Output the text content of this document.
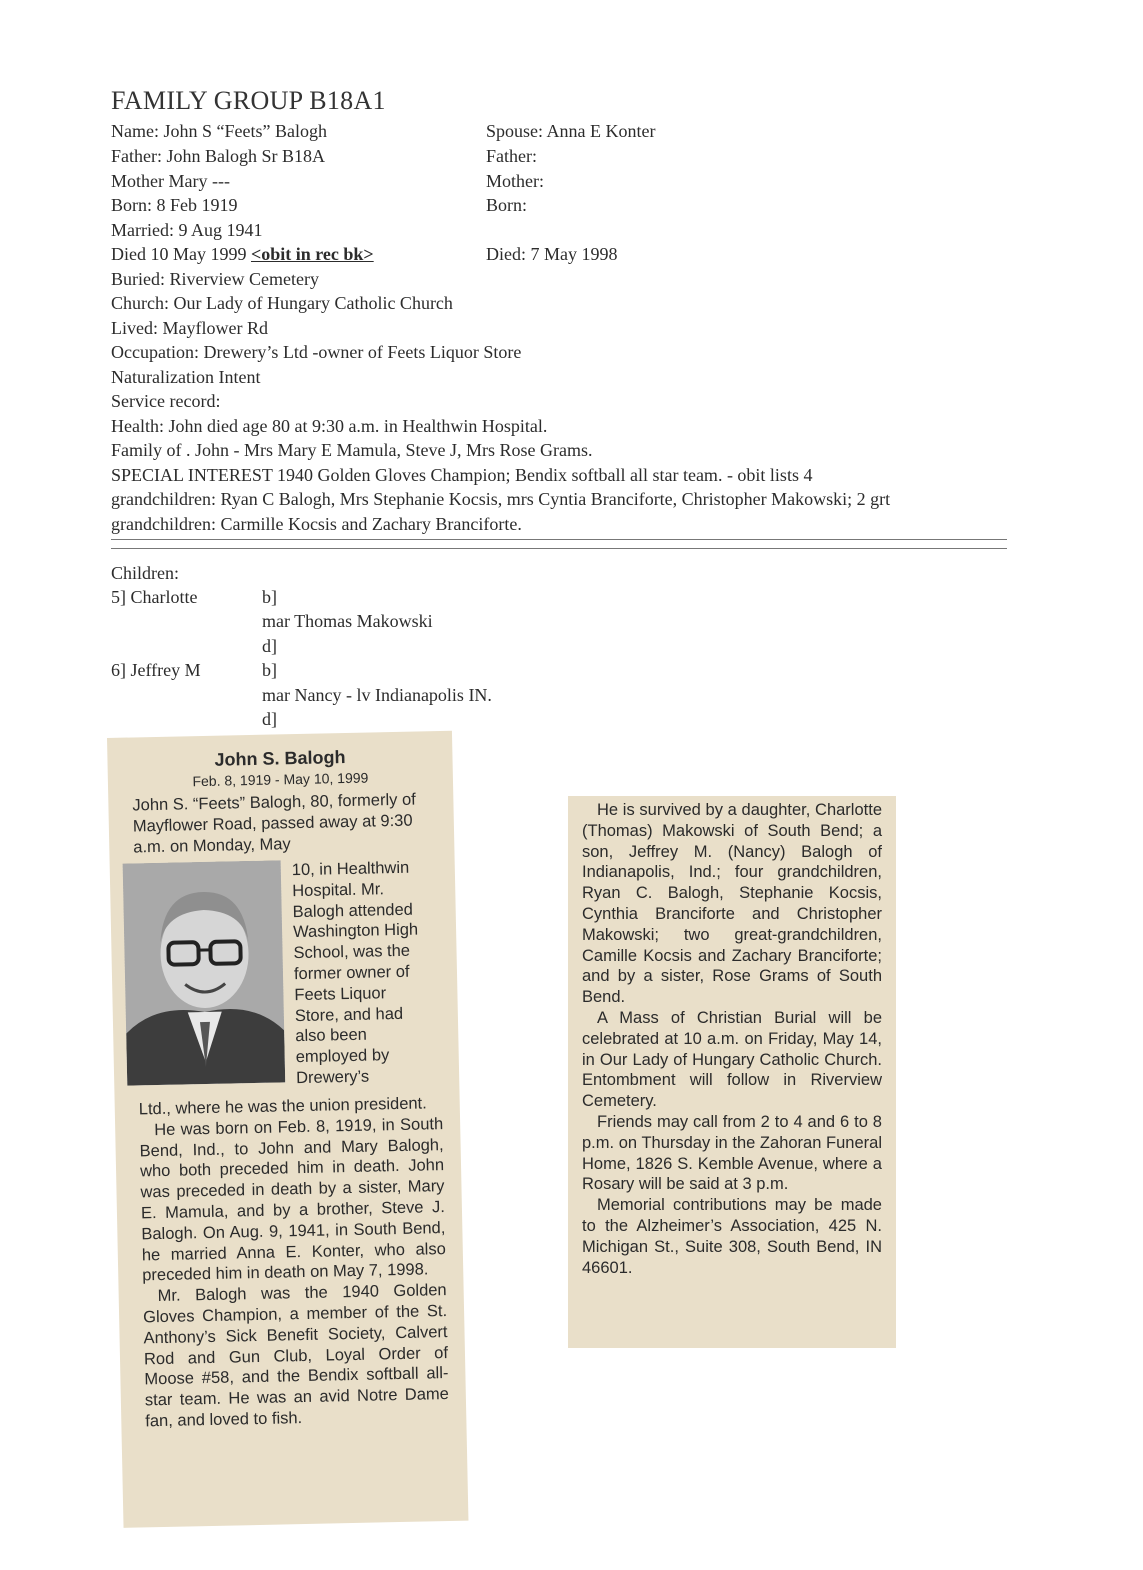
FAMILY GROUP B18A1
Name: John S “Feets” Balogh
Father: John Balogh Sr B18A
Mother Mary ---
Born: 8 Feb 1919
Married: 9 Aug 1941
Died 10 May 1999 <obit in rec bk>
Spouse: Anna E Konter
Father:
Mother:
Born:
Died: 7 May 1998
Buried: Riverview Cemetery
Church: Our Lady of Hungary Catholic Church
Lived: Mayflower Rd
Occupation: Drewery’s Ltd -owner of Feets Liquor Store
Naturalization Intent
Service record:
Health: John died age 80 at 9:30 a.m. in Healthwin Hospital.
Family of . John - Mrs Mary E Mamula, Steve J, Mrs Rose Grams.
SPECIAL INTEREST 1940 Golden Gloves Champion; Bendix softball all star team. - obit lists 4
grandchildren: Ryan C Balogh, Mrs Stephanie Kocsis, mrs Cyntia Branciforte, Christopher Makowski; 2 grt
grandchildren: Carmille Kocsis and Zachary Branciforte.
Children:
5] Charlotte	b]
mar Thomas Makowski
d]
6] Jeffrey M	b]
mar Nancy - lv Indianapolis IN.
d]
John S. Balogh
Feb. 8, 1919 - May 10, 1999
John S. “Feets” Balogh, 80, formerly of Mayflower Road, passed away at 9:30 a.m. on Monday, May
10, in Healthwin Hospital. Mr. Balogh attended Washington High School, was the former owner of Feets Liquor Store, and had also been employed by Drewery’s

Ltd., where he was the union president.

He was born on Feb. 8, 1919, in South Bend, Ind., to John and Mary Balogh, who both preceded him in death. John was preceded in death by a sister, Mary E. Mamula, and by a brother, Steve J. Balogh. On Aug. 9, 1941, in South Bend, he married Anna E. Konter, who also preceded him in death on May 7, 1998.

Mr. Balogh was the 1940 Golden Gloves Champion, a member of the St. Anthony’s Sick Benefit Society, Calvert Rod and Gun Club, Loyal Order of Moose #58, and the Bendix softball all-star team. He was an avid Notre Dame fan, and loved to fish.

He is survived by a daughter, Charlotte (Thomas) Makowski of South Bend; a son, Jeffrey M. (Nancy) Balogh of Indianapolis, Ind.; four grandchildren, Ryan C. Balogh, Stephanie Kocsis, Cynthia Branciforte and Christopher Makowski; two great-grandchildren, Camille Kocsis and Zachary Branciforte; and by a sister, Rose Grams of South Bend.

A Mass of Christian Burial will be celebrated at 10 a.m. on Friday, May 14, in Our Lady of Hungary Catholic Church. Entombment will follow in Riverview Cemetery.

Friends may call from 2 to 4 and 6 to 8 p.m. on Thursday in the Zahoran Funeral Home, 1826 S. Kemble Avenue, where a Rosary will be said at 3 p.m.

Memorial contributions may be made to the Alzheimer’s Association, 425 N. Michigan St., Suite 308, South Bend, IN 46601.
